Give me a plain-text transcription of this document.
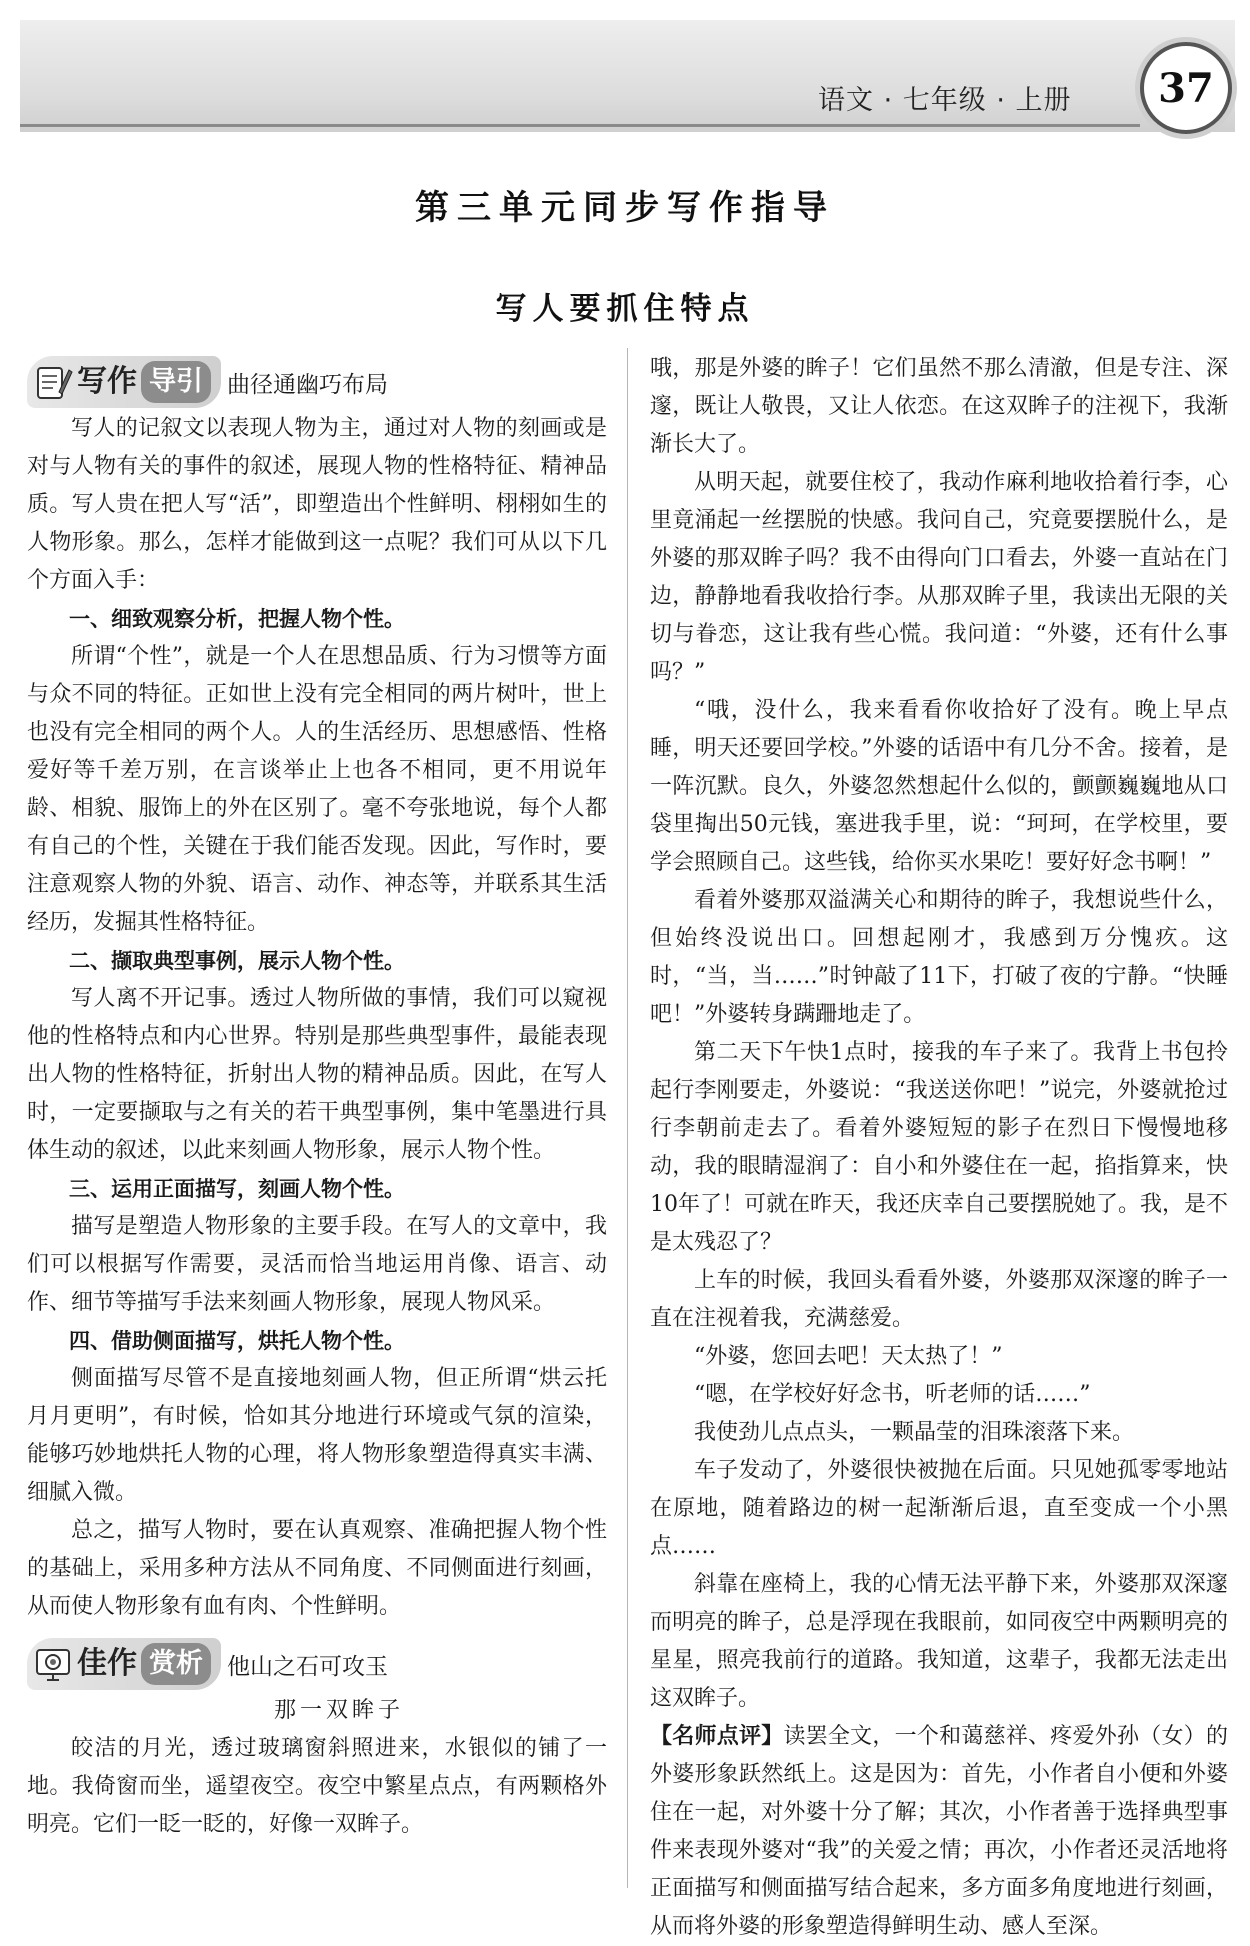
语文 · 七年级 · 上册 37
第三单元同步写作指导
写人要抓住特点
写作 导引	曲径通幽巧布局

写人的记叙文以表现人物为主，通过对人物的刻画或是对与人物有关的事件的叙述，展现人物的性格特征、精神品质。写人贵在把人写“活”，即塑造出个性鲜明、栩栩如生的人物形象。那么，怎样才能做到这一点呢？我们可从以下几个方面入手：

一、细致观察分析，把握人物个性。

所谓“个性”，就是一个人在思想品质、行为习惯等方面与众不同的特征。正如世上没有完全相同的两片树叶，世上也没有完全相同的两个人。人的生活经历、思想感悟、性格爱好等千差万别，在言谈举止上也各不相同，更不用说年龄、相貌、服饰上的外在区别了。毫不夸张地说，每个人都有自己的个性，关键在于我们能否发现。因此，写作时，要注意观察人物的外貌、语言、动作、神态等，并联系其生活经历，发掘其性格特征。

二、撷取典型事例，展示人物个性。

写人离不开记事。透过人物所做的事情，我们可以窥视他的性格特点和内心世界。特别是那些典型事件，最能表现出人物的性格特征，折射出人物的精神品质。因此，在写人时，一定要撷取与之有关的若干典型事例，集中笔墨进行具体生动的叙述，以此来刻画人物形象，展示人物个性。

三、运用正面描写，刻画人物个性。

描写是塑造人物形象的主要手段。在写人的文章中，我们可以根据写作需要，灵活而恰当地运用肖像、语言、动作、细节等描写手法来刻画人物形象，展现人物风采。

四、借助侧面描写，烘托人物个性。

侧面描写尽管不是直接地刻画人物，但正所谓“烘云托月月更明”，有时候，恰如其分地进行环境或气氛的渲染，能够巧妙地烘托人物的心理，将人物形象塑造得真实丰满、细腻入微。

总之，描写人物时，要在认真观察、准确把握人物个性的基础上，采用多种方法从不同角度、不同侧面进行刻画，从而使人物形象有血有肉、个性鲜明。

佳作 赏析	他山之石可攻玉

那一双眸子

皎洁的月光，透过玻璃窗斜照进来，水银似的铺了一地。我倚窗而坐，遥望夜空。夜空中繁星点点，有两颗格外明亮。它们一眨一眨的，好像一双眸子。

哦，那是外婆的眸子！它们虽然不那么清澈，但是专注、深邃，既让人敬畏，又让人依恋。在这双眸子的注视下，我渐渐长大了。

从明天起，就要住校了，我动作麻利地收拾着行李，心里竟涌起一丝摆脱的快感。我问自己，究竟要摆脱什么，是外婆的那双眸子吗？我不由得向门口看去，外婆一直站在门边，静静地看我收拾行李。从那双眸子里，我读出无限的关切与眷恋，这让我有些心慌。我问道：“外婆，还有什么事吗？”

“哦，没什么，我来看看你收拾好了没有。晚上早点睡，明天还要回学校。”外婆的话语中有几分不舍。接着，是一阵沉默。良久，外婆忽然想起什么似的，颤颤巍巍地从口袋里掏出50元钱，塞进我手里，说：“珂珂，在学校里，要学会照顾自己。这些钱，给你买水果吃！要好好念书啊！”

看着外婆那双溢满关心和期待的眸子，我想说些什么，但始终没说出口。回想起刚才，我感到万分愧疚。这时，“当，当……”时钟敲了11下，打破了夜的宁静。“快睡吧！”外婆转身蹒跚地走了。

第二天下午快1点时，接我的车子来了。我背上书包拎起行李刚要走，外婆说：“我送送你吧！”说完，外婆就抢过行李朝前走去了。看着外婆短短的影子在烈日下慢慢地移动，我的眼睛湿润了：自小和外婆住在一起，掐指算来，快10年了！可就在昨天，我还庆幸自己要摆脱她了。我，是不是太残忍了？

上车的时候，我回头看看外婆，外婆那双深邃的眸子一直在注视着我，充满慈爱。

“外婆，您回去吧！天太热了！”

“嗯，在学校好好念书，听老师的话……”

我使劲儿点点头，一颗晶莹的泪珠滚落下来。

车子发动了，外婆很快被抛在后面。只见她孤零零地站在原地，随着路边的树一起渐渐后退，直至变成一个小黑点……

斜靠在座椅上，我的心情无法平静下来，外婆那双深邃而明亮的眸子，总是浮现在我眼前，如同夜空中两颗明亮的星星，照亮我前行的道路。我知道，这辈子，我都无法走出这双眸子。

【名师点评】读罢全文，一个和蔼慈祥、疼爱外孙（女）的外婆形象跃然纸上。这是因为：首先，小作者自小便和外婆住在一起，对外婆十分了解；其次，小作者善于选择典型事件来表现外婆对“我”的关爱之情；再次，小作者还灵活地将正面描写和侧面描写结合起来，多方面多角度地进行刻画，从而将外婆的形象塑造得鲜明生动、感人至深。
